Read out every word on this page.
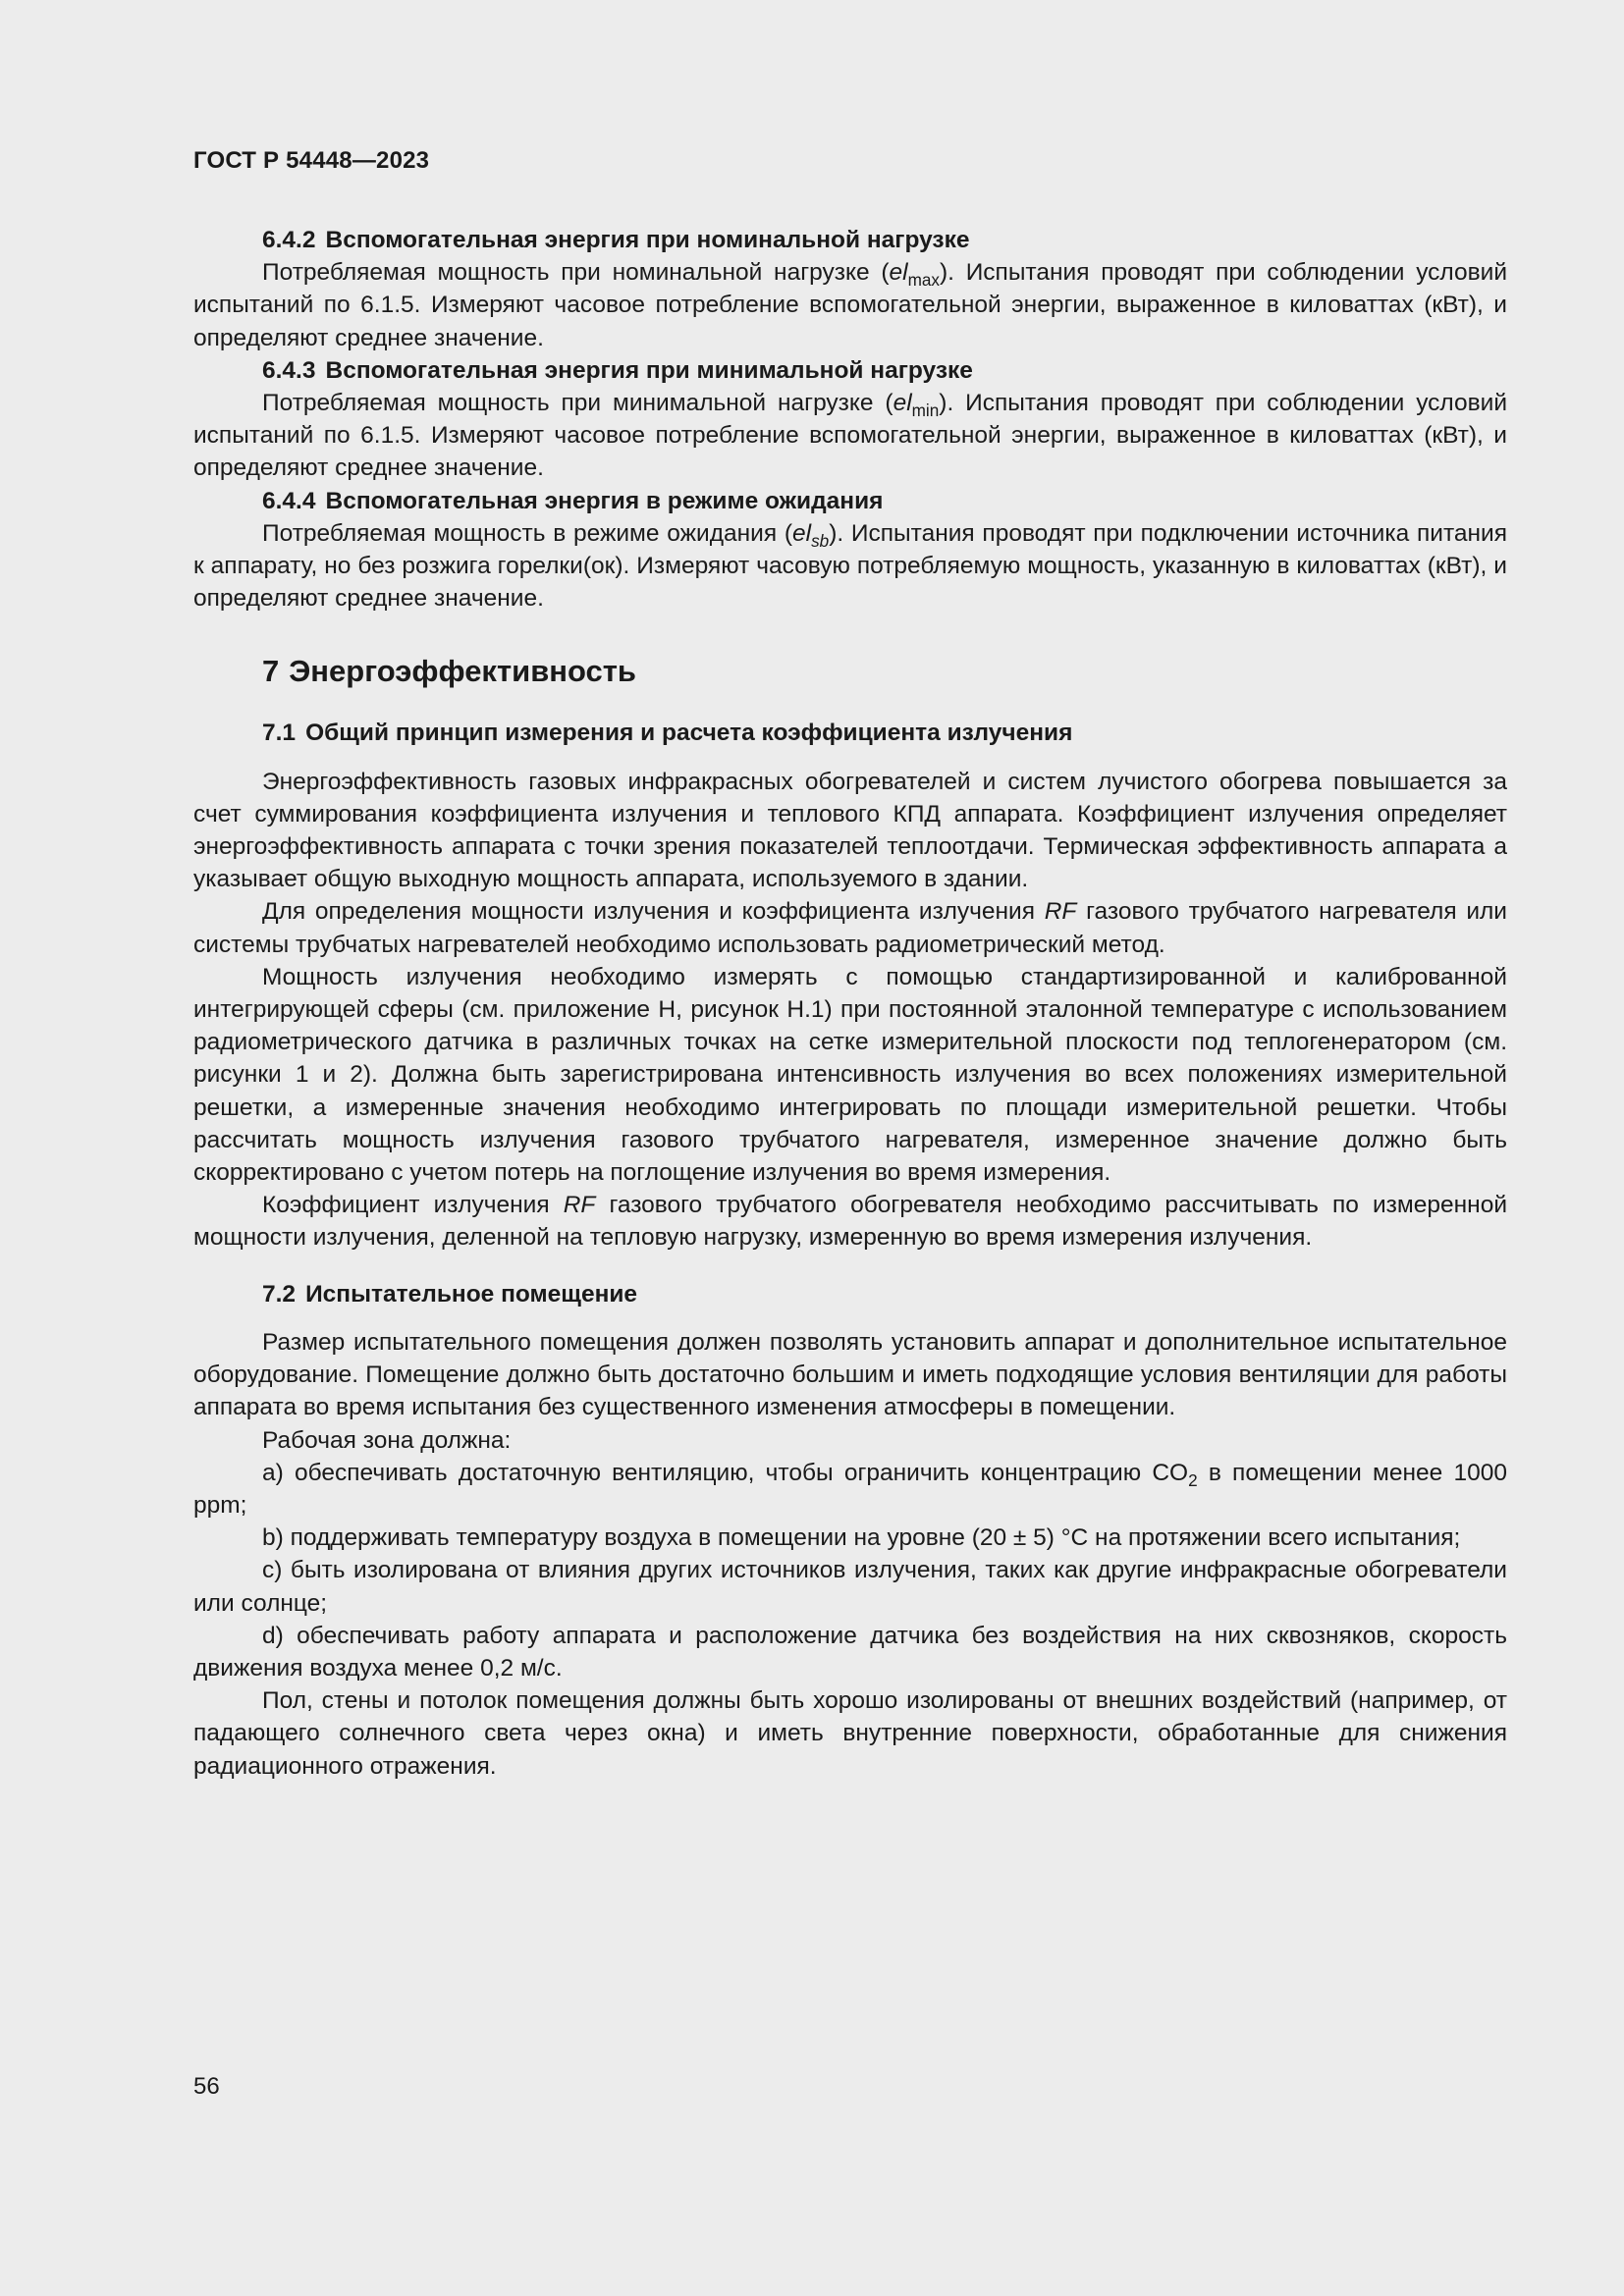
ГОСТ Р 54448—2023
6.4.2 Вспомогательная энергия при номинальной нагрузке

Потребляемая мощность при номинальной нагрузке $(el_{max})$. Испытания проводят при соблюдении условий испытаний по 6.1.5. Измеряют часовое потребление вспомогательной энергии, выраженное в киловаттах (кВт), и определяют среднее значение.

6.4.3 Вспомогательная энергия при минимальной нагрузке

Потребляемая мощность при минимальной нагрузке $(el_{min})$. Испытания проводят при соблюдении условий испытаний по 6.1.5. Измеряют часовое потребление вспомогательной энергии, выраженное в киловаттах (кВт), и определяют среднее значение.

6.4.4 Вспомогательная энергия в режиме ожидания

Потребляемая мощность в режиме ожидания $(el_{sb})$. Испытания проводят при подключении источника питания к аппарату, но без розжига горелки(ок). Измеряют часовую потребляемую мощность, указанную в киловаттах (кВт), и определяют среднее значение.

7 Энергоэффективность
7.1 Общий принцип измерения и расчета коэффициента излучения

Энергоэффективность газовых инфракрасных обогревателей и систем лучистого обогрева повышается за счет суммирования коэффициента излучения и теплового КПД аппарата. Коэффициент излучения определяет энергоэффективность аппарата с точки зрения показателей теплоотдачи. Термическая эффективность аппарата а указывает общую выходную мощность аппарата, используемого в здании.

Для определения мощности излучения и коэффициента излучения RF газового трубчатого нагревателя или системы трубчатых нагревателей необходимо использовать радиометрический метод.

Мощность излучения необходимо измерять с помощью стандартизированной и калиброванной интегрирующей сферы (см. приложение H, рисунок H.1) при постоянной эталонной температуре с использованием радиометрического датчика в различных точках на сетке измерительной плоскости под теплогенератором (см. рисунки 1 и 2). Должна быть зарегистрирована интенсивность излучения во всех положениях измерительной решетки, а измеренные значения необходимо интегрировать по площади измерительной решетки. Чтобы рассчитать мощность излучения газового трубчатого нагревателя, измеренное значение должно быть скорректировано с учетом потерь на поглощение излучения во время измерения.

Коэффициент излучения RF газового трубчатого обогревателя необходимо рассчитывать по измеренной мощности излучения, деленной на тепловую нагрузку, измеренную во время измерения излучения.

7.2 Испытательное помещение

Размер испытательного помещения должен позволять установить аппарат и дополнительное испытательное оборудование. Помещение должно быть достаточно большим и иметь подходящие условия вентиляции для работы аппарата во время испытания без существенного изменения атмосферы в помещении.

Рабочая зона должна:

a) обеспечивать достаточную вентиляцию, чтобы ограничить концентрацию $CO_2$ в помещении менее 1000 ppm;

b) поддерживать температуру воздуха в помещении на уровне (20 ± 5) °C на протяжении всего испытания;

c) быть изолирована от влияния других источников излучения, таких как другие инфракрасные обогреватели или солнце;

d) обеспечивать работу аппарата и расположение датчика без воздействия на них сквозняков, скорость движения воздуха менее 0,2 м/с.

Пол, стены и потолок помещения должны быть хорошо изолированы от внешних воздействий (например, от падающего солнечного света через окна) и иметь внутренние поверхности, обработанные для снижения радиационного отражения.

56
